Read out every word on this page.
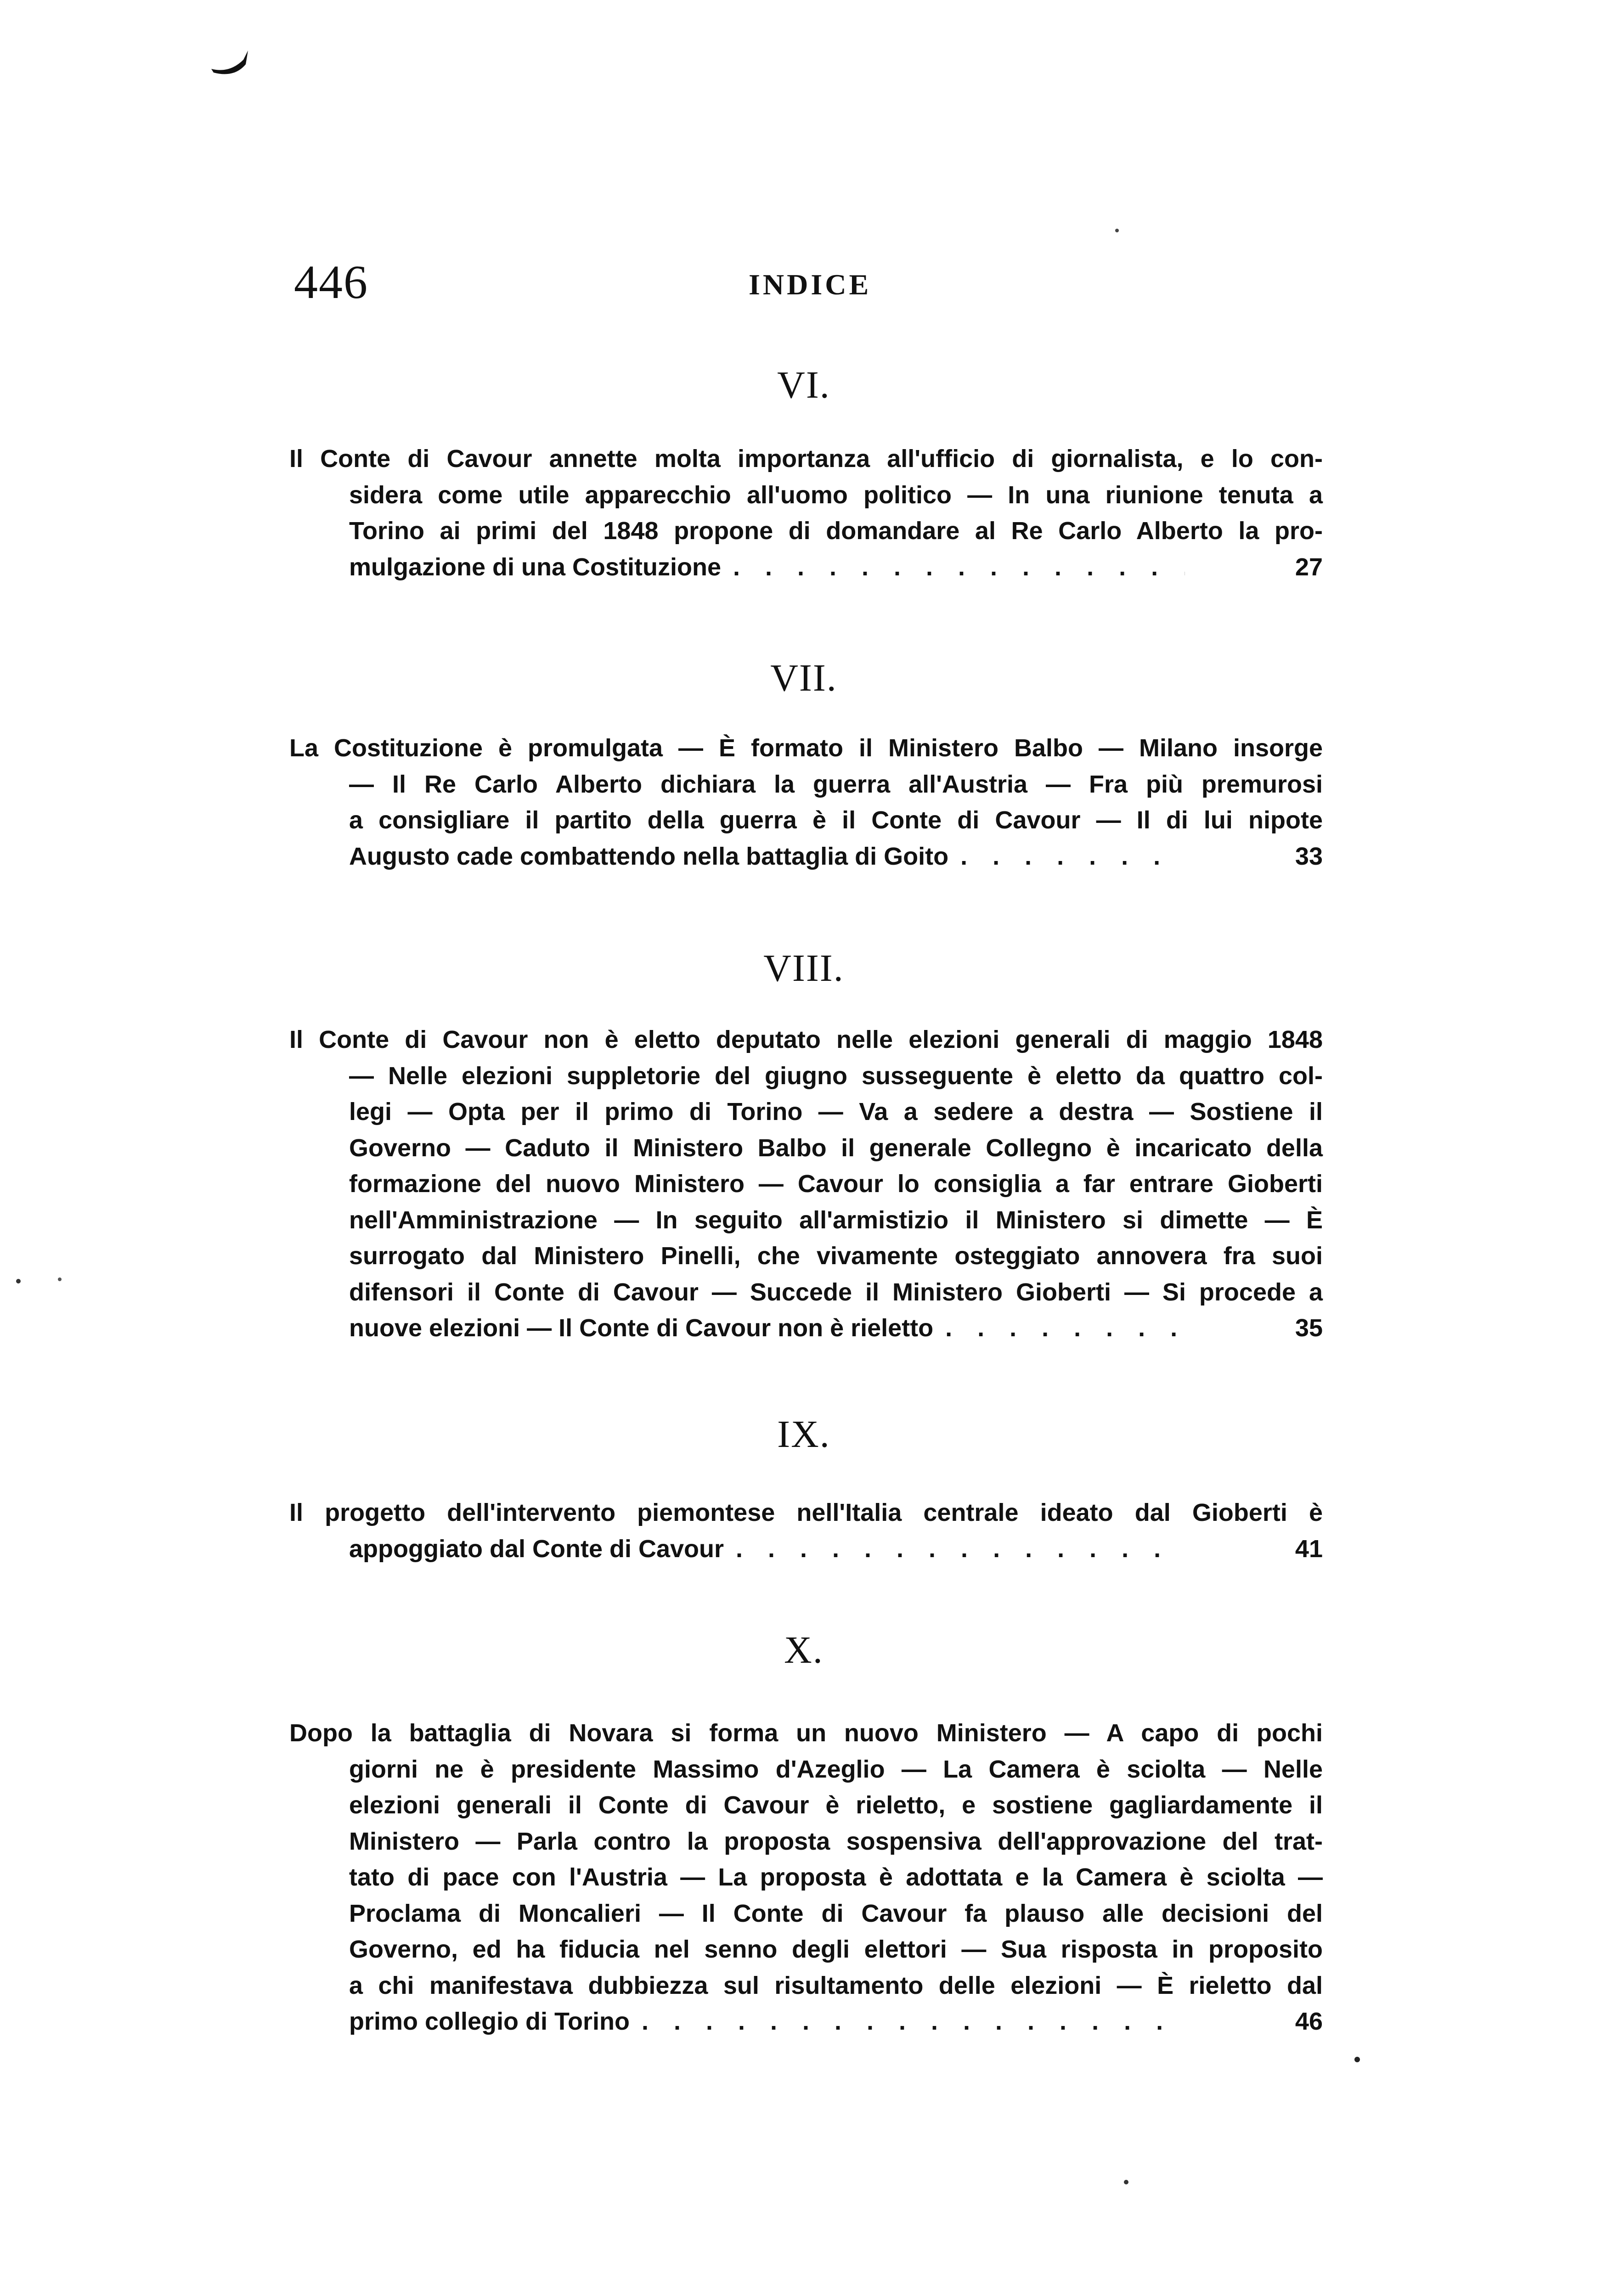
446	INDICE
VI.
Il Conte di Cavour annette molta importanza all'ufficio di giornalista, e lo con-
sidera come utile apparecchio all'uomo politico — In una riunione tenuta a
Torino ai primi del 1848 propone di domandare al Re Carlo Alberto la pro-
mulgazione di una Costituzione . . .	27
VII.
La Costituzione è promulgata — È formato il Ministero Balbo — Milano insorge
— Il Re Carlo Alberto dichiara la guerra all'Austria — Fra più premurosi
a consigliare il partito della guerra è il Conte di Cavour — Il di lui nipote
Augusto cade combattendo nella battaglia di Goito . . .	33
VIII.
Il Conte di Cavour non è eletto deputato nelle elezioni generali di maggio 1848
— Nelle elezioni suppletorie del giugno susseguente è eletto da quattro col-
legi — Opta per il primo di Torino — Va a sedere a destra — Sostiene il
Governo — Caduto il Ministero Balbo il generale Collegno è incaricato della
formazione del nuovo Ministero — Cavour lo consiglia a far entrare Gioberti
nell'Amministrazione — In seguito all'armistizio il Ministero si dimette — È
surrogato dal Ministero Pinelli, che vivamente osteggiato annovera fra suoi
difensori il Conte di Cavour — Succede il Ministero Gioberti — Si procede a
nuove elezioni — Il Conte di Cavour non è rieletto . . .	35
IX.
Il progetto dell'intervento piemontese nell'Italia centrale ideato dal Gioberti è
appoggiato dal Conte di Cavour . . .	41
X.
Dopo la battaglia di Novara si forma un nuovo Ministero — A capo di pochi
giorni ne è presidente Massimo d'Azeglio — La Camera è sciolta — Nelle
elezioni generali il Conte di Cavour è rieletto, e sostiene gagliardamente il
Ministero — Parla contro la proposta sospensiva dell'approvazione del trat-
tato di pace con l'Austria — La proposta è adottata e la Camera è sciolta —
Proclama di Moncalieri — Il Conte di Cavour fa plauso alle decisioni del
Governo, ed ha fiducia nel senno degli elettori — Sua risposta in proposito
a chi manifestava dubbiezza sul risultamento delle elezioni — È rieletto dal
primo collegio di Torino . . .	46
